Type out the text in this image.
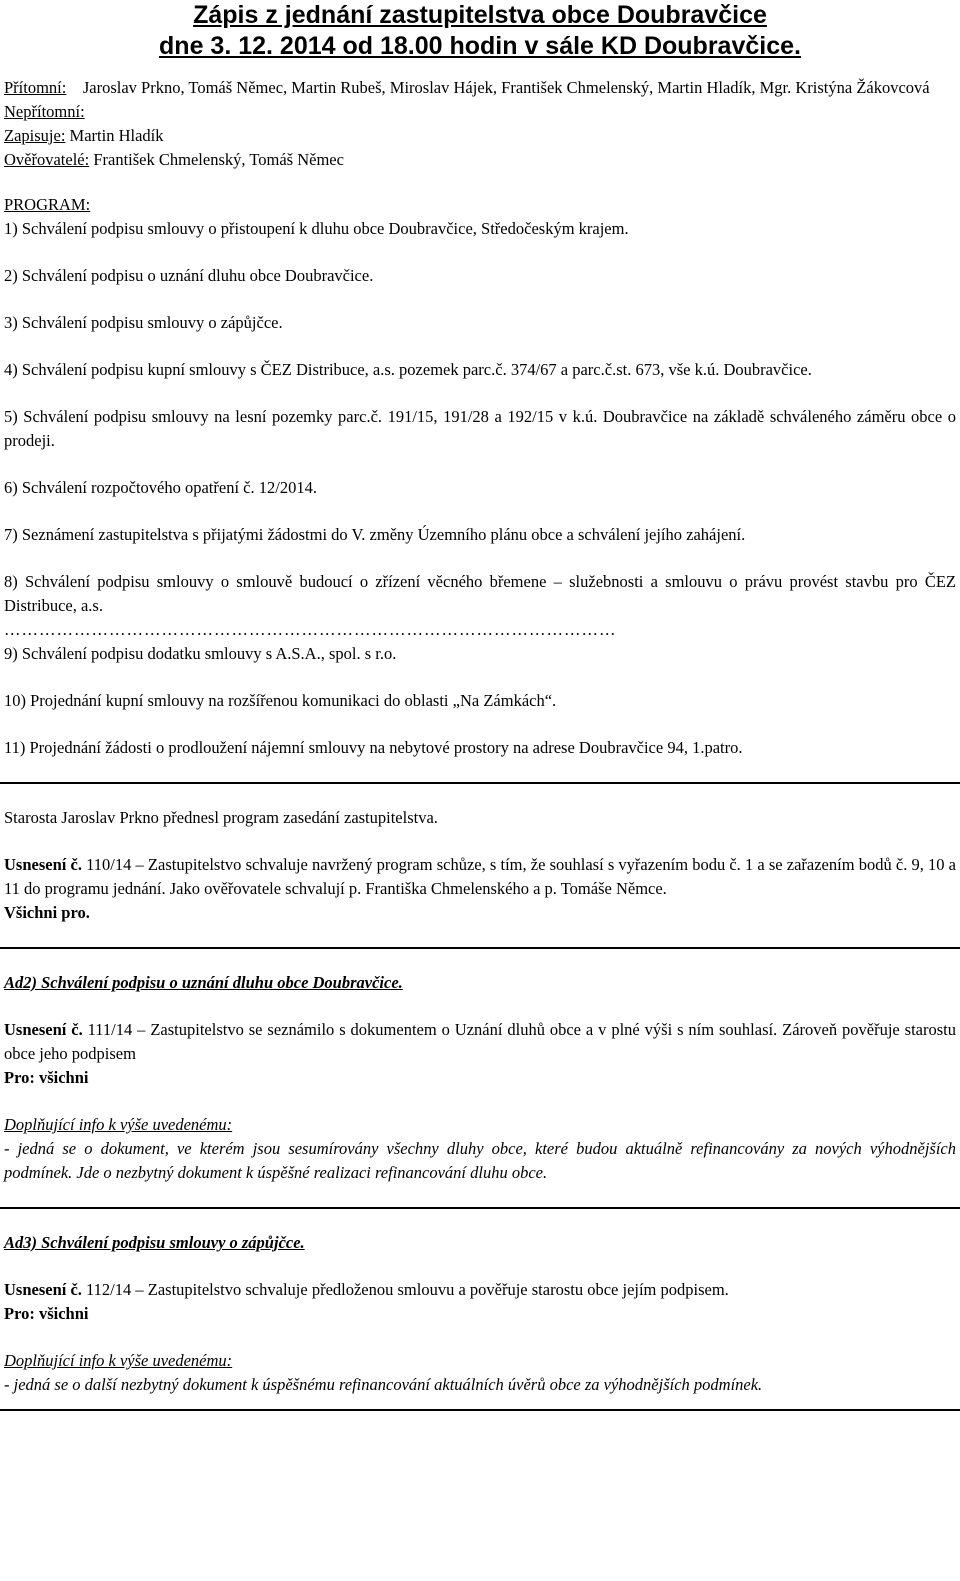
Zápis z jednání zastupitelstva obce Doubravčice
dne 3. 12. 2014 od 18.00 hodin v sále KD Doubravčice.

Přítomní: Jaroslav Prkno, Tomáš Němec, Martin Rubeš, Miroslav Hájek, František Chmelenský, Martin Hladík, Mgr. Kristýna Žákovcová

Nepřítomní:

Zapisuje: Martin Hladík

Ověřovatelé: František Chmelenský, Tomáš Němec

PROGRAM:

1) Schválení podpisu smlouvy o přistoupení k dluhu obce Doubravčice, Středočeským krajem.

2) Schválení podpisu o uznání dluhu obce Doubravčice.

3) Schválení podpisu smlouvy o zápůjčce.

4) Schválení podpisu kupní smlouvy s ČEZ Distribuce, a.s. pozemek parc.č. 374/67 a parc.č.st. 673, vše k.ú. Doubravčice.

5) Schválení podpisu smlouvy na lesní pozemky parc.č. 191/15, 191/28 a 192/15 v k.ú. Doubravčice na základě schváleného záměru obce o prodeji.

6) Schválení rozpočtového opatření č. 12/2014.

7) Seznámení zastupitelstva s přijatými žádostmi do V. změny Územního plánu obce a schválení jejího zahájení.

8) Schválení podpisu smlouvy o smlouvě budoucí o zřízení věcného břemene – služebnosti a smlouvu o právu provést stavbu pro ČEZ Distribuce, a.s.

……………………………………………………………………………………………

9) Schválení podpisu dodatku smlouvy s A.S.A., spol. s r.o.

10) Projednání kupní smlouvy na rozšířenou komunikaci do oblasti „Na Zámkách“.

11) Projednání žádosti o prodloužení nájemní smlouvy na nebytové prostory na adrese Doubravčice 94, 1.patro.

Starosta Jaroslav Prkno přednesl program zasedání zastupitelstva.

Usnesení č. 110/14 – Zastupitelstvo schvaluje navržený program schůze, s tím, že souhlasí s vyřazením bodu č. 1 a se zařazením bodů č. 9, 10 a 11 do programu jednání. Jako ověřovatele schvalují p. Františka Chmelenského a p. Tomáše Němce.

Všichni pro.

Ad2) Schválení podpisu o uznání dluhu obce Doubravčice.

Usnesení č. 111/14 – Zastupitelstvo se seznámilo s dokumentem o Uznání dluhů obce a v plné výši s ním souhlasí. Zároveň pověřuje starostu obce jeho podpisem

Pro: všichni

Doplňující info k výše uvedenému:

- jedná se o dokument, ve kterém jsou sesumírovány všechny dluhy obce, které budou aktuálně refinancovány za nových výhodnějších podmínek. Jde o nezbytný dokument k úspěšné realizaci refinancování dluhu obce.

Ad3) Schválení podpisu smlouvy o zápůjčce.

Usnesení č. 112/14 – Zastupitelstvo schvaluje předloženou smlouvu a pověřuje starostu obce jejím podpisem.

Pro: všichni

Doplňující info k výše uvedenému:

- jedná se o další nezbytný dokument k úspěšnému refinancování aktuálních úvěrů obce za výhodnějších podmínek.
